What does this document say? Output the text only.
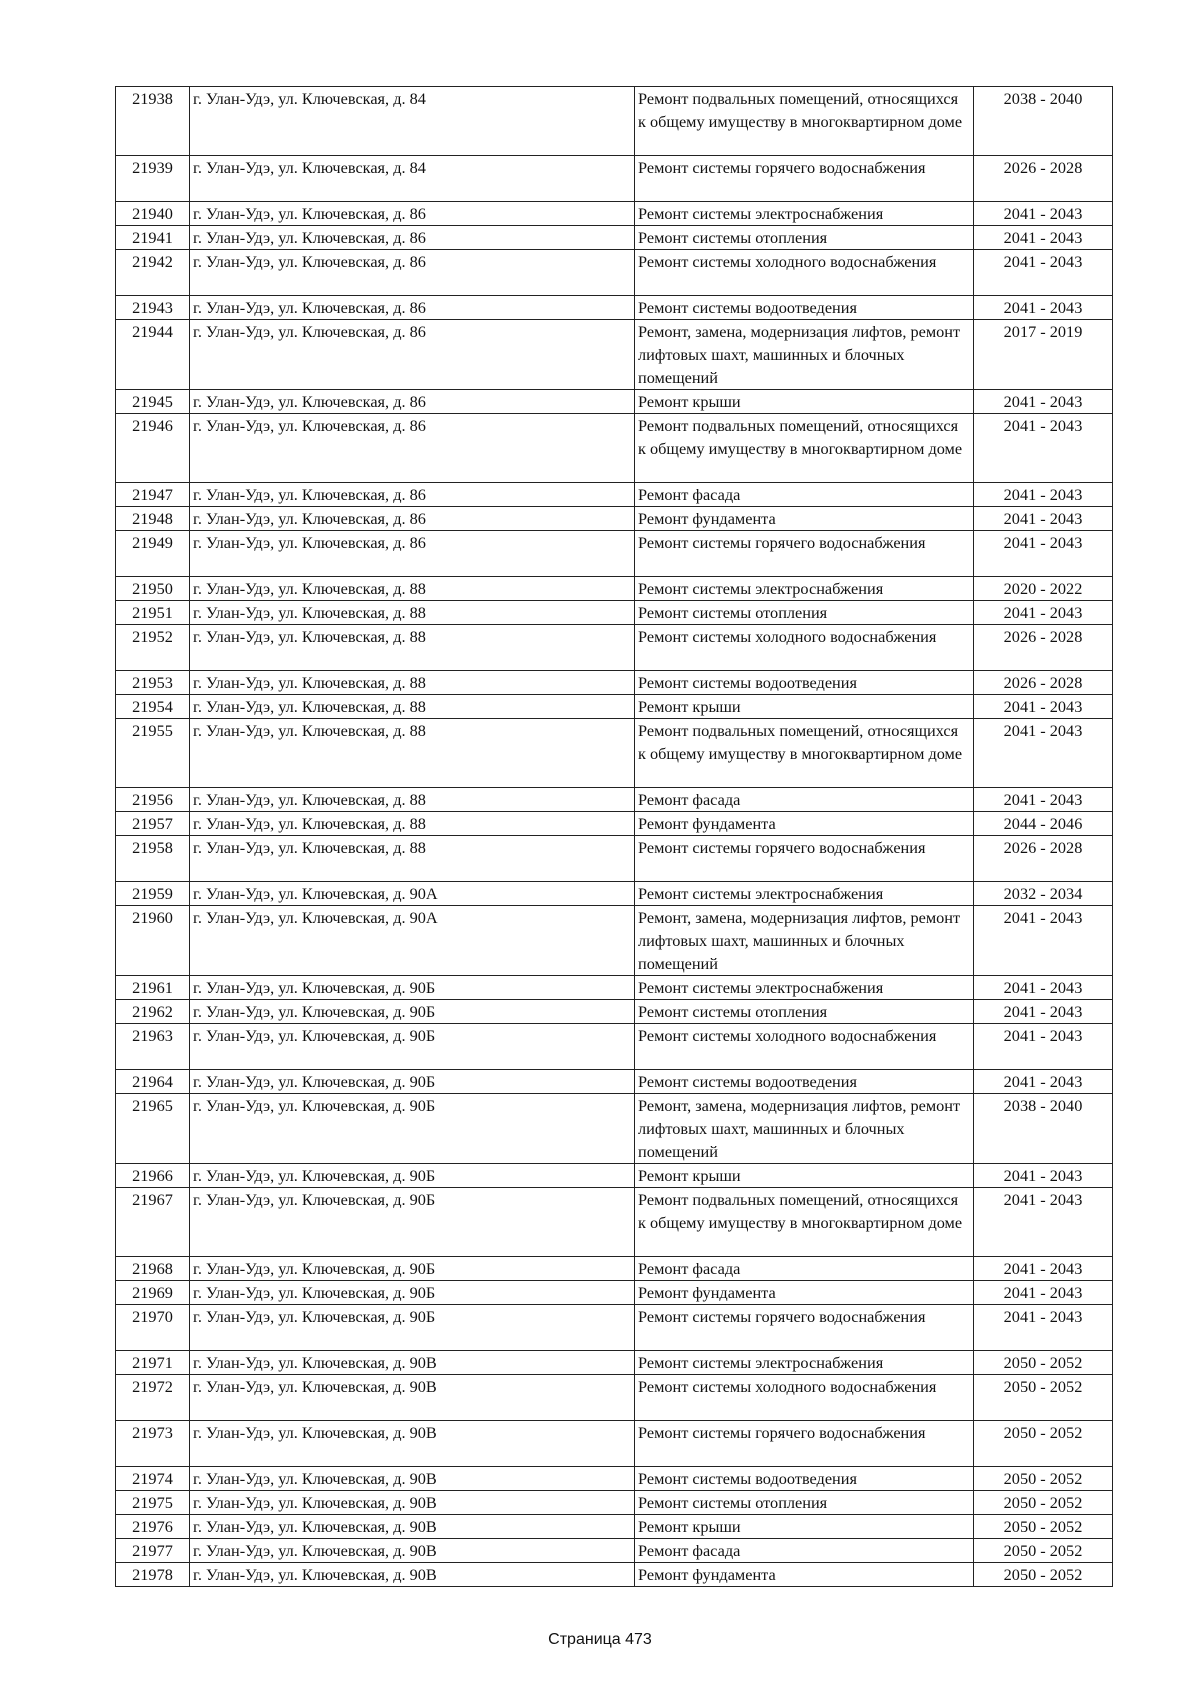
21938	г. Улан-Удэ, ул. Ключевская, д. 84	Ремонт подвальных помещений, относящихся к общему имуществу в многоквартирном доме	2038 - 2040
21939	г. Улан-Удэ, ул. Ключевская, д. 84	Ремонт системы горячего водоснабжения	2026 - 2028
21940	г. Улан-Удэ, ул. Ключевская, д. 86	Ремонт системы электроснабжения	2041 - 2043
21941	г. Улан-Удэ, ул. Ключевская, д. 86	Ремонт системы отопления	2041 - 2043
21942	г. Улан-Удэ, ул. Ключевская, д. 86	Ремонт системы холодного водоснабжения	2041 - 2043
21943	г. Улан-Удэ, ул. Ключевская, д. 86	Ремонт системы водоотведения	2041 - 2043
21944	г. Улан-Удэ, ул. Ключевская, д. 86	Ремонт, замена, модернизация лифтов, ремонт лифтовых шахт, машинных и блочных помещений	2017 - 2019
21945	г. Улан-Удэ, ул. Ключевская, д. 86	Ремонт крыши	2041 - 2043
21946	г. Улан-Удэ, ул. Ключевская, д. 86	Ремонт подвальных помещений, относящихся к общему имуществу в многоквартирном доме	2041 - 2043
21947	г. Улан-Удэ, ул. Ключевская, д. 86	Ремонт фасада	2041 - 2043
21948	г. Улан-Удэ, ул. Ключевская, д. 86	Ремонт фундамента	2041 - 2043
21949	г. Улан-Удэ, ул. Ключевская, д. 86	Ремонт системы горячего водоснабжения	2041 - 2043
21950	г. Улан-Удэ, ул. Ключевская, д. 88	Ремонт системы электроснабжения	2020 - 2022
21951	г. Улан-Удэ, ул. Ключевская, д. 88	Ремонт системы отопления	2041 - 2043
21952	г. Улан-Удэ, ул. Ключевская, д. 88	Ремонт системы холодного водоснабжения	2026 - 2028
21953	г. Улан-Удэ, ул. Ключевская, д. 88	Ремонт системы водоотведения	2026 - 2028
21954	г. Улан-Удэ, ул. Ключевская, д. 88	Ремонт крыши	2041 - 2043
21955	г. Улан-Удэ, ул. Ключевская, д. 88	Ремонт подвальных помещений, относящихся к общему имуществу в многоквартирном доме	2041 - 2043
21956	г. Улан-Удэ, ул. Ключевская, д. 88	Ремонт фасада	2041 - 2043
21957	г. Улан-Удэ, ул. Ключевская, д. 88	Ремонт фундамента	2044 - 2046
21958	г. Улан-Удэ, ул. Ключевская, д. 88	Ремонт системы горячего водоснабжения	2026 - 2028
21959	г. Улан-Удэ, ул. Ключевская, д. 90А	Ремонт системы электроснабжения	2032 - 2034
21960	г. Улан-Удэ, ул. Ключевская, д. 90А	Ремонт, замена, модернизация лифтов, ремонт лифтовых шахт, машинных и блочных помещений	2041 - 2043
21961	г. Улан-Удэ, ул. Ключевская, д. 90Б	Ремонт системы электроснабжения	2041 - 2043
21962	г. Улан-Удэ, ул. Ключевская, д. 90Б	Ремонт системы отопления	2041 - 2043
21963	г. Улан-Удэ, ул. Ключевская, д. 90Б	Ремонт системы холодного водоснабжения	2041 - 2043
21964	г. Улан-Удэ, ул. Ключевская, д. 90Б	Ремонт системы водоотведения	2041 - 2043
21965	г. Улан-Удэ, ул. Ключевская, д. 90Б	Ремонт, замена, модернизация лифтов, ремонт лифтовых шахт, машинных и блочных помещений	2038 - 2040
21966	г. Улан-Удэ, ул. Ключевская, д. 90Б	Ремонт крыши	2041 - 2043
21967	г. Улан-Удэ, ул. Ключевская, д. 90Б	Ремонт подвальных помещений, относящихся к общему имуществу в многоквартирном доме	2041 - 2043
21968	г. Улан-Удэ, ул. Ключевская, д. 90Б	Ремонт фасада	2041 - 2043
21969	г. Улан-Удэ, ул. Ключевская, д. 90Б	Ремонт фундамента	2041 - 2043
21970	г. Улан-Удэ, ул. Ключевская, д. 90Б	Ремонт системы горячего водоснабжения	2041 - 2043
21971	г. Улан-Удэ, ул. Ключевская, д. 90В	Ремонт системы электроснабжения	2050 - 2052
21972	г. Улан-Удэ, ул. Ключевская, д. 90В	Ремонт системы холодного водоснабжения	2050 - 2052
21973	г. Улан-Удэ, ул. Ключевская, д. 90В	Ремонт системы горячего водоснабжения	2050 - 2052
21974	г. Улан-Удэ, ул. Ключевская, д. 90В	Ремонт системы водоотведения	2050 - 2052
21975	г. Улан-Удэ, ул. Ключевская, д. 90В	Ремонт системы отопления	2050 - 2052
21976	г. Улан-Удэ, ул. Ключевская, д. 90В	Ремонт крыши	2050 - 2052
21977	г. Улан-Удэ, ул. Ключевская, д. 90В	Ремонт фасада	2050 - 2052
21978	г. Улан-Удэ, ул. Ключевская, д. 90В	Ремонт фундамента	2050 - 2052
Страница 473
